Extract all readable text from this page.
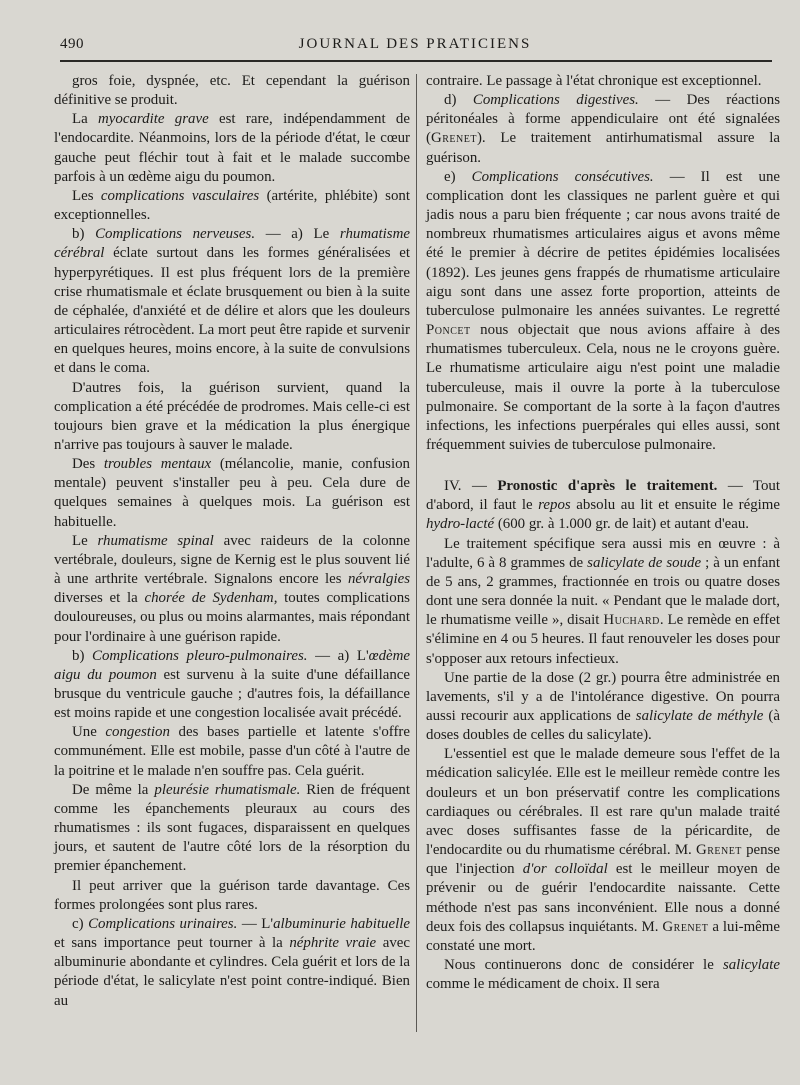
490	JOURNAL DES PRATICIENS

gros foie, dyspnée, etc. Et cependant la guérison définitive se produit.

La myocardite grave est rare, indépendamment de l'endocardite. Néanmoins, lors de la période d'état, le cœur gauche peut fléchir tout à fait et le malade succombe parfois à un œdème aigu du poumon.

Les complications vasculaires (artérite, phlébite) sont exceptionnelles.

b) Complications nerveuses. — a) Le rhumatisme cérébral éclate surtout dans les formes généralisées et hyperpyrétiques. Il est plus fréquent lors de la première crise rhumatismale et éclate brusquement ou bien à la suite de céphalée, d'anxiété et de délire et alors que les douleurs articulaires rétrocèdent. La mort peut être rapide et survenir en quelques heures, moins encore, à la suite de convulsions et dans le coma.

D'autres fois, la guérison survient, quand la complication a été précédée de prodromes. Mais celle-ci est toujours bien grave et la médication la plus énergique n'arrive pas toujours à sauver le malade.

Des troubles mentaux (mélancolie, manie, confusion mentale) peuvent s'installer peu à peu. Cela dure de quelques semaines à quelques mois. La guérison est habituelle.

Le rhumatisme spinal avec raideurs de la colonne vertébrale, douleurs, signe de Kernig est le plus souvent lié à une arthrite vertébrale. Signalons encore les névralgies diverses et la chorée de Sydenham, toutes complications douloureuses, ou plus ou moins alarmantes, mais répondant pour l'ordinaire à une guérison rapide.

b) Complications pleuro-pulmonaires. — a) L'œdème aigu du poumon est survenu à la suite d'une défaillance brusque du ventricule gauche ; d'autres fois, la défaillance est moins rapide et une congestion localisée avait précédé.

Une congestion des bases partielle et latente s'offre communément. Elle est mobile, passe d'un côté à l'autre de la poitrine et le malade n'en souffre pas. Cela guérit.

De même la pleurésie rhumatismale. Rien de fréquent comme les épanchements pleuraux au cours des rhumatismes : ils sont fugaces, disparaissent en quelques jours, et sautent de l'autre côté lors de la résorption du premier épanchement.

Il peut arriver que la guérison tarde davantage. Ces formes prolongées sont plus rares.

c) Complications urinaires. — L'albuminurie habituelle et sans importance peut tourner à la néphrite vraie avec albuminurie abondante et cylindres. Cela guérit et lors de la période d'état, le salicylate n'est point contre-indiqué. Bien au

contraire. Le passage à l'état chronique est exceptionnel.

d) Complications digestives. — Des réactions péritonéales à forme appendiculaire ont été signalées (Grenet). Le traitement antirhumatismal assure la guérison.

e) Complications consécutives. — Il est une complication dont les classiques ne parlent guère et qui jadis nous a paru bien fréquente ; car nous avons traité de nombreux rhumatismes articulaires aigus et avons même été le premier à décrire de petites épidémies localisées (1892). Les jeunes gens frappés de rhumatisme articulaire aigu sont dans une assez forte proportion, atteints de tuberculose pulmonaire les années suivantes. Le regretté Poncet nous objectait que nous avions affaire à des rhumatismes tuberculeux. Cela, nous ne le croyons guère. Le rhumatisme articulaire aigu n'est point une maladie tuberculeuse, mais il ouvre la porte à la tuberculose pulmonaire. Se comportant de la sorte à la façon d'autres infections, les infections puerpérales qui elles aussi, sont fréquemment suivies de tuberculose pulmonaire.

IV. — Pronostic d'après le traitement. — Tout d'abord, il faut le repos absolu au lit et ensuite le régime hydro-lacté (600 gr. à 1.000 gr. de lait) et autant d'eau.

Le traitement spécifique sera aussi mis en œuvre : à l'adulte, 6 à 8 grammes de salicylate de soude ; à un enfant de 5 ans, 2 grammes, fractionnée en trois ou quatre doses dont une sera donnée la nuit. « Pendant que le malade dort, le rhumatisme veille », disait Huchard. Le remède en effet s'élimine en 4 ou 5 heures. Il faut renouveler les doses pour s'opposer aux retours infectieux.

Une partie de la dose (2 gr.) pourra être administrée en lavements, s'il y a de l'intolérance digestive. On pourra aussi recourir aux applications de salicylate de méthyle (à doses doubles de celles du salicylate).

L'essentiel est que le malade demeure sous l'effet de la médication salicylée. Elle est le meilleur remède contre les douleurs et un bon préservatif contre les complications cardiaques ou cérébrales. Il est rare qu'un malade traité avec doses suffisantes fasse de la péricardite, de l'endocardite ou du rhumatisme cérébral. M. Grenet pense que l'injection d'or colloïdal est le meilleur moyen de prévenir ou de guérir l'endocardite naissante. Cette méthode n'est pas sans inconvénient. Elle nous a donné deux fois des collapsus inquiétants. M. Grenet a lui-même constaté une mort.

Nous continuerons donc de considérer le salicylate comme le médicament de choix. Il sera
